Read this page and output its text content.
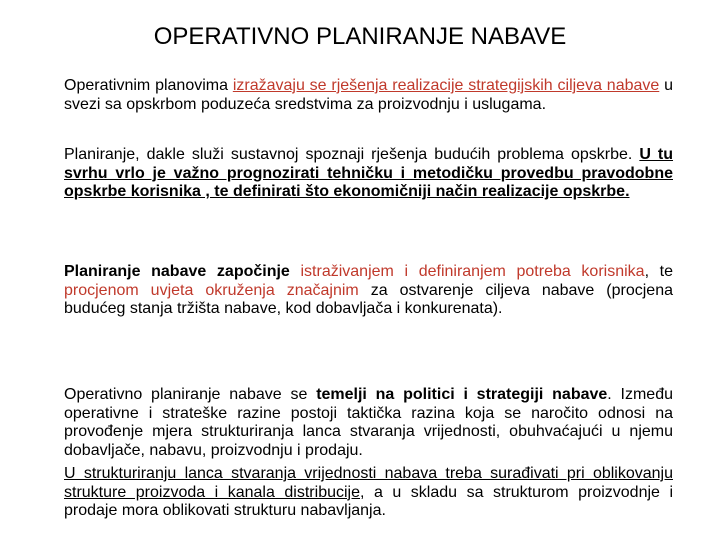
OPERATIVNO PLANIRANJE NABAVE

Operativnim planovima izražavaju se rješenja realizacije strategijskih ciljeva nabave u svezi sa opskrbom poduzeća sredstvima za proizvodnju i uslugama.

Planiranje, dakle služi sustavnoj spoznaji rješenja budućih problema opskrbe. U tu svrhu vrlo je važno prognozirati tehničku i metodičku provedbu pravodobne opskrbe korisnika , te definirati što ekonomičniji način realizacije opskrbe.

Planiranje nabave započinje istraživanjem i definiranjem potreba korisnika, te procjenom uvjeta okruženja značajnim za ostvarenje ciljeva nabave (procjena budućeg stanja tržišta nabave, kod dobavljača i konkurenata).

Operativno planiranje nabave se temelji na politici i strategiji nabave. Između operativne i strateške razine postoji taktička razina koja se naročito odnosi na provođenje mjera strukturiranja lanca stvaranja vrijednosti, obuhvaćajući u njemu dobavljače, nabavu, proizvodnju i prodaju.

U strukturiranju lanca stvaranja vrijednosti nabava treba surađivati pri oblikovanju strukture proizvoda i kanala distribucije, a u skladu sa strukturom proizvodnje i prodaje mora oblikovati strukturu nabavljanja.
